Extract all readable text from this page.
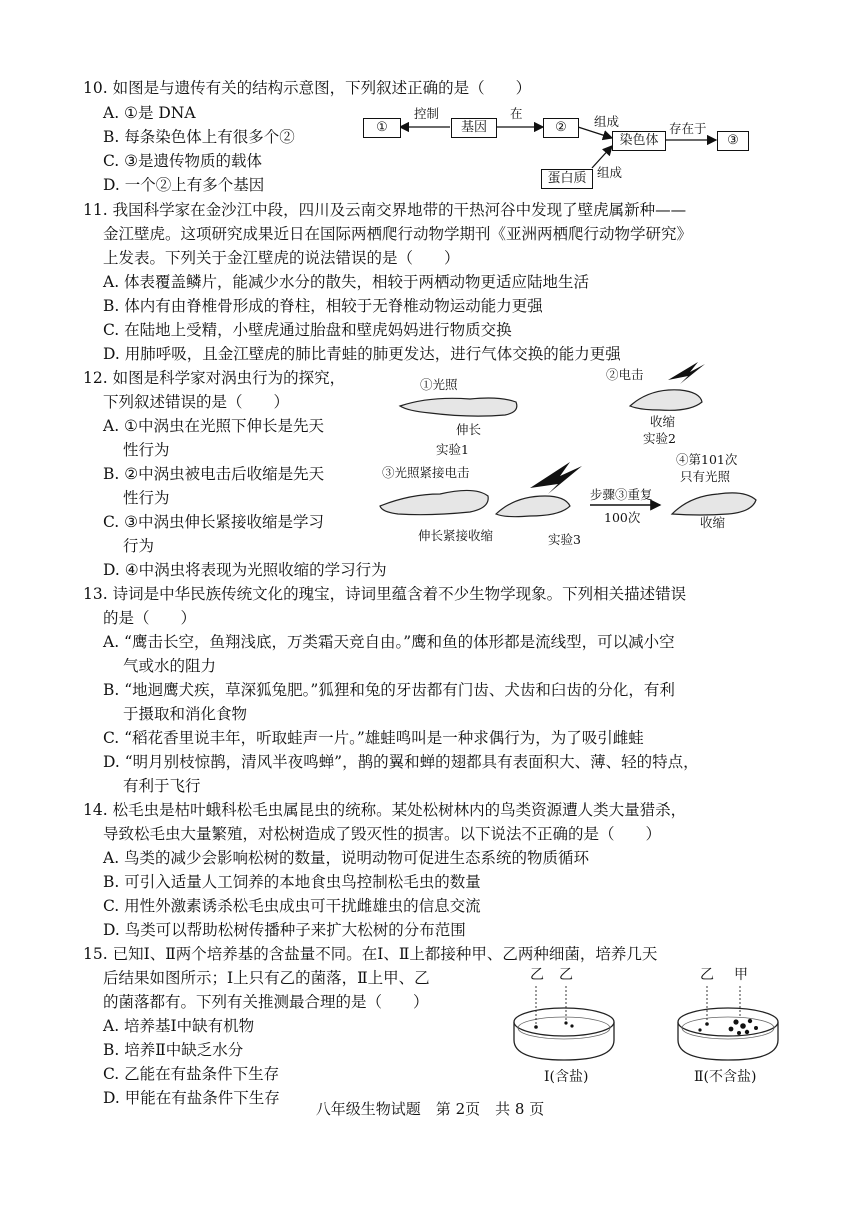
10. 如图是与遗传有关的结构示意图，下列叙述正确的是（　　）
A. ①是 DNA
B. 每条染色体上有很多个②
C. ③是遗传物质的载体
D. 一个②上有多个基因
①	基因	②
染色体	③
蛋白质
控制	在
组成	存在于
组成
11. 我国科学家在金沙江中段，四川及云南交界地带的干热河谷中发现了壁虎属新种——
金江壁虎。这项研究成果近日在国际两栖爬行动物学期刊《亚洲两栖爬行动物学研究》
上发表。下列关于金江壁虎的说法错误的是（　　）
A. 体表覆盖鳞片，能减少水分的散失，相较于两栖动物更适应陆地生活
B. 体内有由脊椎骨形成的脊柱，相较于无脊椎动物运动能力更强
C. 在陆地上受精，小壁虎通过胎盘和壁虎妈妈进行物质交换
D. 用肺呼吸，且金江壁虎的肺比青蛙的肺更发达，进行气体交换的能力更强
12. 如图是科学家对涡虫行为的探究，
下列叙述错误的是（　　）
A. ①中涡虫在光照下伸长是先天
性行为
B. ②中涡虫被电击后收缩是先天
性行为
C. ③中涡虫伸长紧接收缩是学习
行为
D. ④中涡虫将表现为光照收缩的学习行为
①光照
伸长
实验1
②电击
收缩
实验2
③光照紧接电击
伸长紧接收缩	实验3
步骤③重复
100次
④第101次
只有光照
收缩
13. 诗词是中华民族传统文化的瑰宝，诗词里蕴含着不少生物学现象。下列相关描述错误
的是（　　）
A. “鹰击长空，鱼翔浅底，万类霜天竞自由。”鹰和鱼的体形都是流线型，可以减小空
气或水的阻力
B. “地迥鹰犬疾，草深狐兔肥。”狐狸和兔的牙齿都有门齿、犬齿和臼齿的分化，有利
于摄取和消化食物
C. “稻花香里说丰年，听取蛙声一片。”雄蛙鸣叫是一种求偶行为，为了吸引雌蛙
D. “明月别枝惊鹊，清风半夜鸣蝉”，鹊的翼和蝉的翅都具有表面积大、薄、轻的特点，
有利于飞行
14. 松毛虫是枯叶蛾科松毛虫属昆虫的统称。某处松树林内的鸟类资源遭人类大量猎杀，
导致松毛虫大量繁殖，对松树造成了毁灭性的损害。以下说法不正确的是（　　）
A. 鸟类的减少会影响松树的数量，说明动物可促进生态系统的物质循环
B. 可引入适量人工饲养的本地食虫鸟控制松毛虫的数量
C. 用性外激素诱杀松毛虫成虫可干扰雌雄虫的信息交流
D. 鸟类可以帮助松树传播种子来扩大松树的分布范围
15. 已知Ⅰ、Ⅱ两个培养基的含盐量不同。在Ⅰ、Ⅱ上都接种甲、乙两种细菌，培养几天
后结果如图所示；Ⅰ上只有乙的菌落，Ⅱ上甲、乙
的菌落都有。下列有关推测最合理的是（　　）
A. 培养基Ⅰ中缺有机物
B. 培养Ⅱ中缺乏水分
C. 乙能在有盐条件下生存
D. 甲能在有盐条件下生存
乙 乙
Ⅰ(含盐)
乙 甲
Ⅱ(不含盐)
八年级生物试题　第 2页　共 8 页
